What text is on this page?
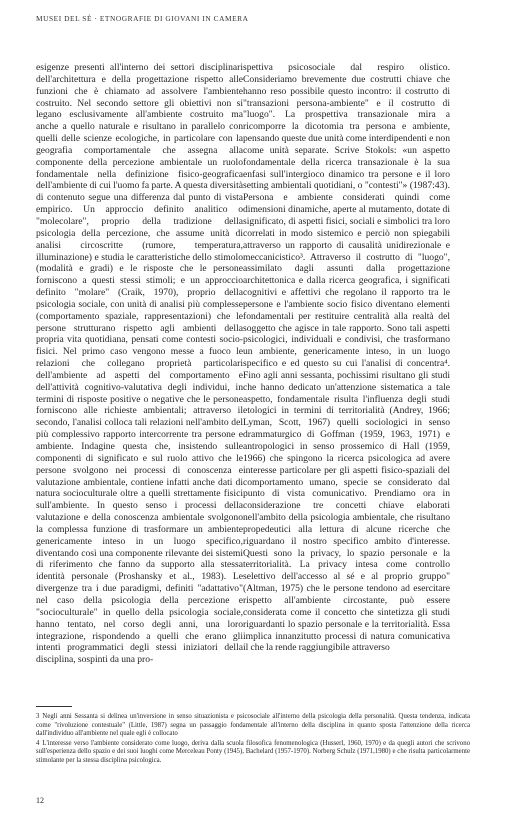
MUSEI DEL SÉ · ETNOGRAFIE DI GIOVANI IN CAMERA
esigenze presenti all'interno dei settori disciplinari dell'architettura e della progettazione rispetto alle funzioni che è chiamato ad assolvere l'ambiente costruito. Nel secondo settore gli obiettivi non si legano esclusivamente all'ambiente costruito ma anche a quello naturale e risultano in parallelo con quelli delle scienze ecologiche, in particolare con la geografia comportamentale che assegna alla componente della percezione ambientale un ruolo fondamentale nella definizione fisico-geografica dell'ambiente di cui l'uomo fa parte. A questa diversità di contenuto segue una differenza dal punto di vista empirico. Un approccio definito analitico o "molecolare", proprio della tradizione della psicologia della percezione, che assume unità di analisi circoscritte (rumore, temperatura, illuminazione) e studia le caratteristiche dello stimolo (modalità e gradi) e le risposte che le persone forniscono a questi stessi stimoli; e un approccio definito "molare" (Craik, 1970), proprio della psicologia sociale, con unità di analisi più complesse (comportamento spaziale, rappresentazioni) che le persone strutturano rispetto agli ambienti della propria vita quotidiana, pensati come contesti socio-fisici. Nel primo caso vengono messe a fuoco le relazioni che collegano proprietà particolari dell'ambiente ad aspetti del comportamento e dell'attività cognitivo-valutativa degli individui, in termini di risposte positive o negative che le persone forniscono alle richieste ambientali; attraverso il secondo, l'analisi colloca tali relazioni nell'ambito del più complessivo rapporto intercorrente tra persone e ambiente. Indagine questa che, insistendo sulle componenti di significato e sul ruolo attivo che le persone svolgono nei processi di conoscenza e valutazione ambientale, contiene infatti anche dati di natura socioculturale oltre a quelli strettamente fisici sull'ambiente. In questo senso i processi della valutazione e della conoscenza ambientale svolgono la complessa funzione di trasformare un ambiente genericamente inteso in un luogo specifico, diventando così una componente rilevante dei sistemi di riferimento che fanno da supporto alla stessa identità personale (Proshansky et al., 1983). Le divergenze tra i due paradigmi, definiti "adattativo" nel caso della psicologia della percezione e "socioculturale" in quello della psicologia sociale, hanno tentato, nel corso degli anni, una loro integrazione, rispondendo a quelli che erano gli intenti programmatici degli stessi iniziatori della disciplina, sospinti da una pro-
spettiva psicosociale dal respiro olistico. Consideriamo brevemente due costrutti chiave che hanno reso possibile questo incontro: il costrutto di "transazioni persona-ambiente" e il costrutto di "luogo". La prospettiva transazionale mira a ricomporre la dicotomia tra persona e ambiente, pensando queste due unità come interdipendenti e non come unità separate. Scrive Stokols: «un aspetto fondamentale della ricerca transazionale è la sua enfasi sull'intergioco dinamico tra persone e il loro setting ambientali quotidiani, o "contesti"» (1987:43). Persona e ambiente considerati quindi come dimensioni dinamiche, aperte al mutamento, dotate di significato, di aspetti fisici, sociali e simbolici tra loro correlati in modo sistemico e perciò non spiegabili attraverso un rapporto di causalità unidirezionale e meccanicistico³. Attraverso il costrutto di "luogo", assimilato dagli assunti dalla progettazione architettonica e dalla ricerca geografica, i significati cognitivi e affettivi che regolano il rapporto tra le persone e l'ambiente socio fisico diventano elementi fondamentali per restituire centralità alla realtà del soggetto che agisce in tale rapporto. Sono tali aspetti psicologici, individuali e condivisi, che trasformano un ambiente, genericamente inteso, in un luogo specifico e ed questo su cui l'analisi di concentra⁴. Fino agli anni sessanta, pochissimi risultano gli studi che hanno dedicato un'attenzione sistematica a tale aspetto, fondamentale risulta l'influenza degli studi etologici in termini di territorialità (Andrey, 1966; Lyman, Scott, 1967) quelli sociologici in senso drammaturgico di Goffman (1959, 1963, 1971) e antropologici in senso prossemico di Hall (1959, 1966) che spingono la ricerca psicologica ad avere interesse particolare per gli aspetti fisico-spaziali del comportamento umano, specie se considerato dal punto di vista comunicativo. Prendiamo ora in considerazione tre concetti chiave elaborati nell'ambito della psicologia ambientale, che risultano propedeutici alla lettura di alcune ricerche che riguardano il nostro specifico ambito d'interesse. Questi sono la privacy, lo spazio personale e la territorialità. La privacy intesa come controllo selettivo dell'accesso al sé e al proprio gruppo" (Altman, 1975) che le persone tendono ad esercitare rispetto all'ambiente circostante, può essere considerata come il concetto che sintetizza gli studi riguardanti lo spazio personale e la territorialità. Essa implica innanzitutto processi di natura comunicativa il che la rende raggiungibile attraverso

3 Negli anni Sessanta si delinea un'inversione in senso situazionista e psicosociale all'interno della psicologia della personalità. Questa tendenza, indicata come "rivoluzione contestuale" (Little, 1987) segna un passaggio fondamentale all'interno della disciplina in quanto sposta l'attenzione della ricerca dall'individuo all'ambiente nel quale egli è collocato

4 L'interesse verso l'ambiente considerato come luogo, deriva dalla scuola filosofica fenomenologica (Husserl, 1960, 1970) e da quegli autori che scrivono sull'esperienza dello spazio e dei suoi luoghi come Merceleau Ponty (1945), Bachelard (1957-1970). Norberg Schulz (1971,1980) e che risulta particolarmente stimolante per la stessa disciplina psicologica.

12
